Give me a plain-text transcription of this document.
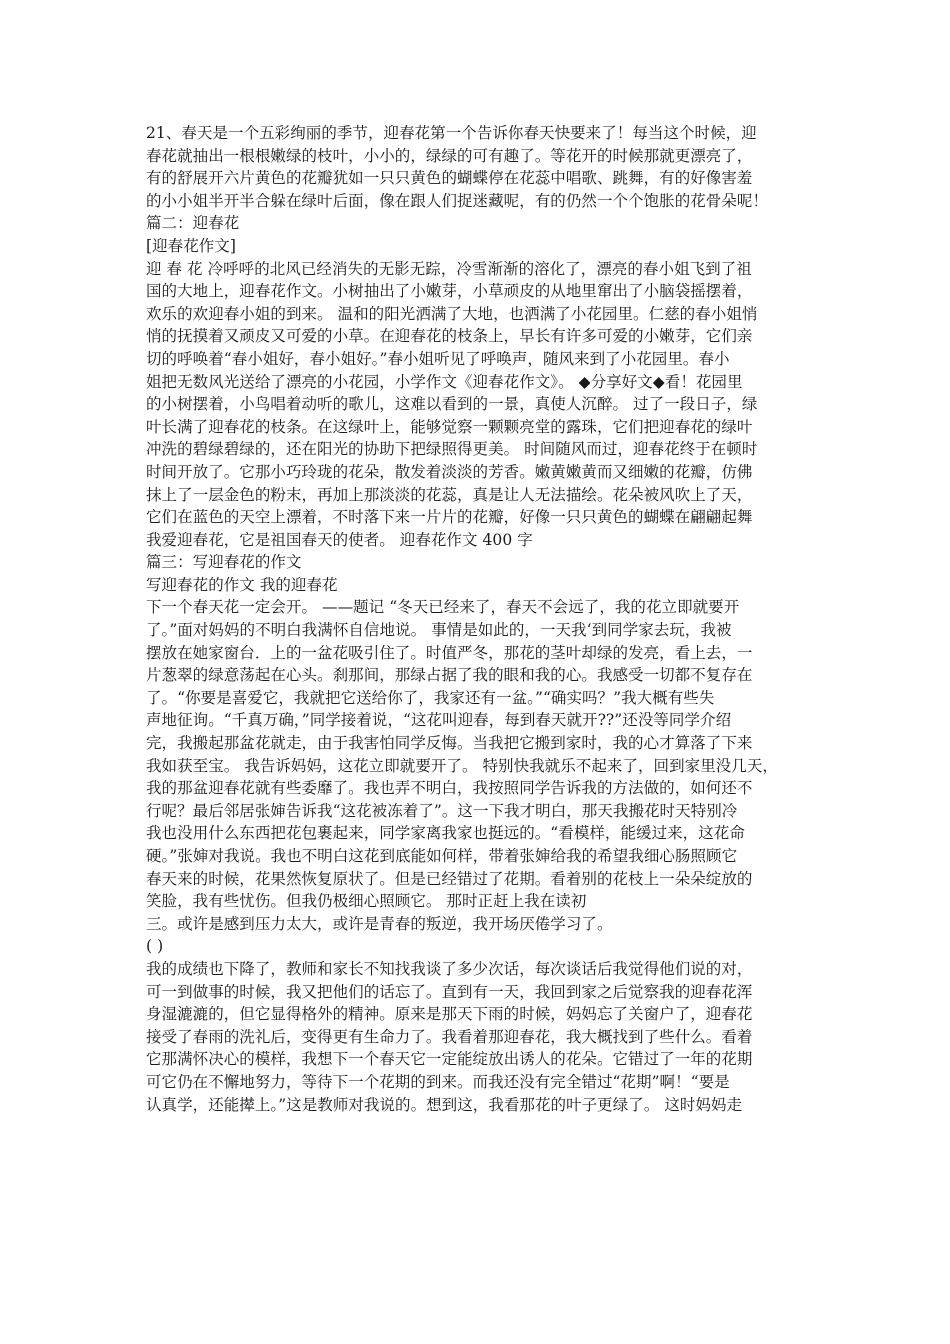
21、春天是一个五彩绚丽的季节，迎春花第一个告诉你春天快要来了！每当这个时候，迎
春花就抽出一根根嫩绿的枝叶，小小的，绿绿的可有趣了。等花开的时候那就更漂亮了，
有的舒展开六片黄色的花瓣犹如一只只黄色的蝴蝶停在花蕊中唱歌、跳舞，有的好像害羞
的小小姐半开半合躲在绿叶后面，像在跟人们捉迷藏呢，有的仍然一个个饱胀的花骨朵呢！
篇二：迎春花
[迎春花作文]
迎 春 花 冷呼呼的北风已经消失的无影无踪，冷雪渐渐的溶化了，漂亮的春小姐飞到了祖
国的大地上，迎春花作文。小树抽出了小嫩芽，小草顽皮的从地里窜出了小脑袋摇摆着，
欢乐的欢迎春小姐的到来。 温和的阳光洒满了大地，也洒满了小花园里。仁慈的春小姐悄
悄的抚摸着又顽皮又可爱的小草。在迎春花的枝条上，早长有许多可爱的小嫩芽，它们亲
切的呼唤着“春小姐好，春小姐好。”春小姐听见了呼唤声，随风来到了小花园里。春小
姐把无数风光送给了漂亮的小花园，小学作文《迎春花作文》。 ◆分享好文◆看！花园里
的小树摆着，小鸟唱着动听的歌儿，这难以看到的一景，真使人沉醉。 过了一段日子，绿
叶长满了迎春花的枝条。在这绿叶上，能够觉察一颗颗亮堂的露珠，它们把迎春花的绿叶
冲洗的碧绿碧绿的，还在阳光的协助下把绿照得更美。 时间随风而过，迎春花终于在顿时
时间开放了。它那小巧玲珑的花朵，散发着淡淡的芳香。嫩黄嫩黄而又细嫩的花瓣，仿佛
抹上了一层金色的粉末，再加上那淡淡的花蕊，真是让人无法描绘。花朵被风吹上了天，
它们在蓝色的天空上漂着，不时落下来一片片的花瓣，好像一只只黄色的蝴蝶在翩翩起舞
我爱迎春花，它是祖国春天的使者。 迎春花作文 400 字
篇三：写迎春花的作文
写迎春花的作文 我的迎春花
下一个春天花一定会开。 ——题记 “冬天已经来了，春天不会远了，我的花立即就要开
了。”面对妈妈的不明白我满怀自信地说。 事情是如此的，一天我‘到同学家去玩，我被
摆放在她家窗台．上的一盆花吸引住了。时值严冬，那花的茎叶却绿的发亮，看上去，一
片葱翠的绿意荡起在心头。刹那间，那绿占据了我的眼和我的心。我感受一切都不复存在
了。“你要是喜爱它，我就把它送给你了，我家还有一盆。”“确实吗？”我大概有些失
声地征询。“千真万确，”同学接着说，“这花叫迎春，每到春天就开??”还没等同学介绍
完，我搬起那盆花就走，由于我害怕同学反悔。当我把它搬到家时，我的心才算落了下来
我如获至宝。 我告诉妈妈，这花立即就要开了。 特别快我就乐不起来了，回到家里没几天，
我的那盆迎春花就有些委靡了。我也弄不明白，我按照同学告诉我的方法做的，如何还不
行呢？最后邻居张婶告诉我“这花被冻着了”。这一下我才明白，那天我搬花时天特别冷
我也没用什么东西把花包裹起来，同学家离我家也挺远的。“看模样，能缓过来，这花命
硬。”张婶对我说。我也不明白这花到底能如何样，带着张婶给我的希望我细心肠照顾它
春天来的时候，花果然恢复原状了。但是已经错过了花期。看着别的花枝上一朵朵绽放的
笑脸，我有些忧伤。但我仍极细心照顾它。 那时正赶上我在读初
三。或许是感到压力太大，或许是青春的叛逆，我开场厌倦学习了。
( )
我的成绩也下降了，教师和家长不知找我谈了多少次话，每次谈话后我觉得他们说的对，
可一到做事的时候，我又把他们的话忘了。直到有一天，我回到家之后觉察我的迎春花浑
身湿漉漉的，但它显得格外的精神。原来是那天下雨的时候，妈妈忘了关窗户了，迎春花
接受了春雨的洗礼后，变得更有生命力了。我看着那迎春花，我大概找到了些什么。看着
它那满怀决心的模样，我想下一个春天它一定能绽放出诱人的花朵。它错过了一年的花期
可它仍在不懈地努力，等待下一个花期的到来。而我还没有完全错过“花期”啊！“要是
认真学，还能撵上。”这是教师对我说的。想到这，我看那花的叶子更绿了。 这时妈妈走
